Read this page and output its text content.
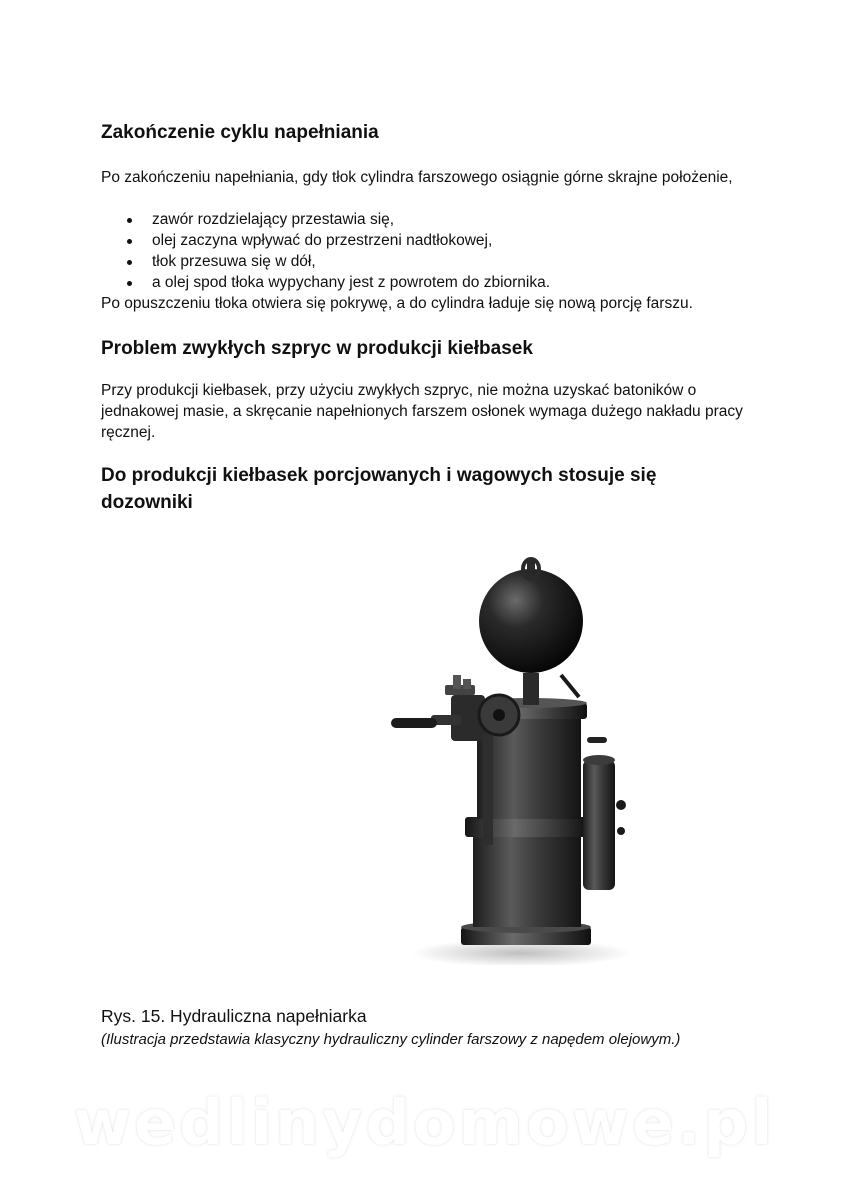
Zakończenie cyklu napełniania
Po zakończeniu napełniania, gdy tłok cylindra farszowego osiągnie górne skrajne położenie,
zawór rozdzielający przestawia się,
olej zaczyna wpływać do przestrzeni nadtłokowej,
tłok przesuwa się w dół,
a olej spod tłoka wypychany jest z powrotem do zbiornika.
Po opuszczeniu tłoka otwiera się pokrywę, a do cylindra ładuje się nową porcję farszu.
Problem zwykłych szpryc w produkcji kiełbasek
Przy produkcji kiełbasek, przy użyciu zwykłych szpryc, nie można uzyskać batoników o jednakowej masie, a skręcanie napełnionych farszem osłonek wymaga dużego nakładu pracy ręcznej.
Do produkcji kiełbasek porcjowanych i wagowych stosuje się dozowniki
Rys. 15. Hydrauliczna napełniarka
(Ilustracja przedstawia klasyczny hydrauliczny cylinder farszowy z napędem olejowym.)
wedlinydomowe.pl
